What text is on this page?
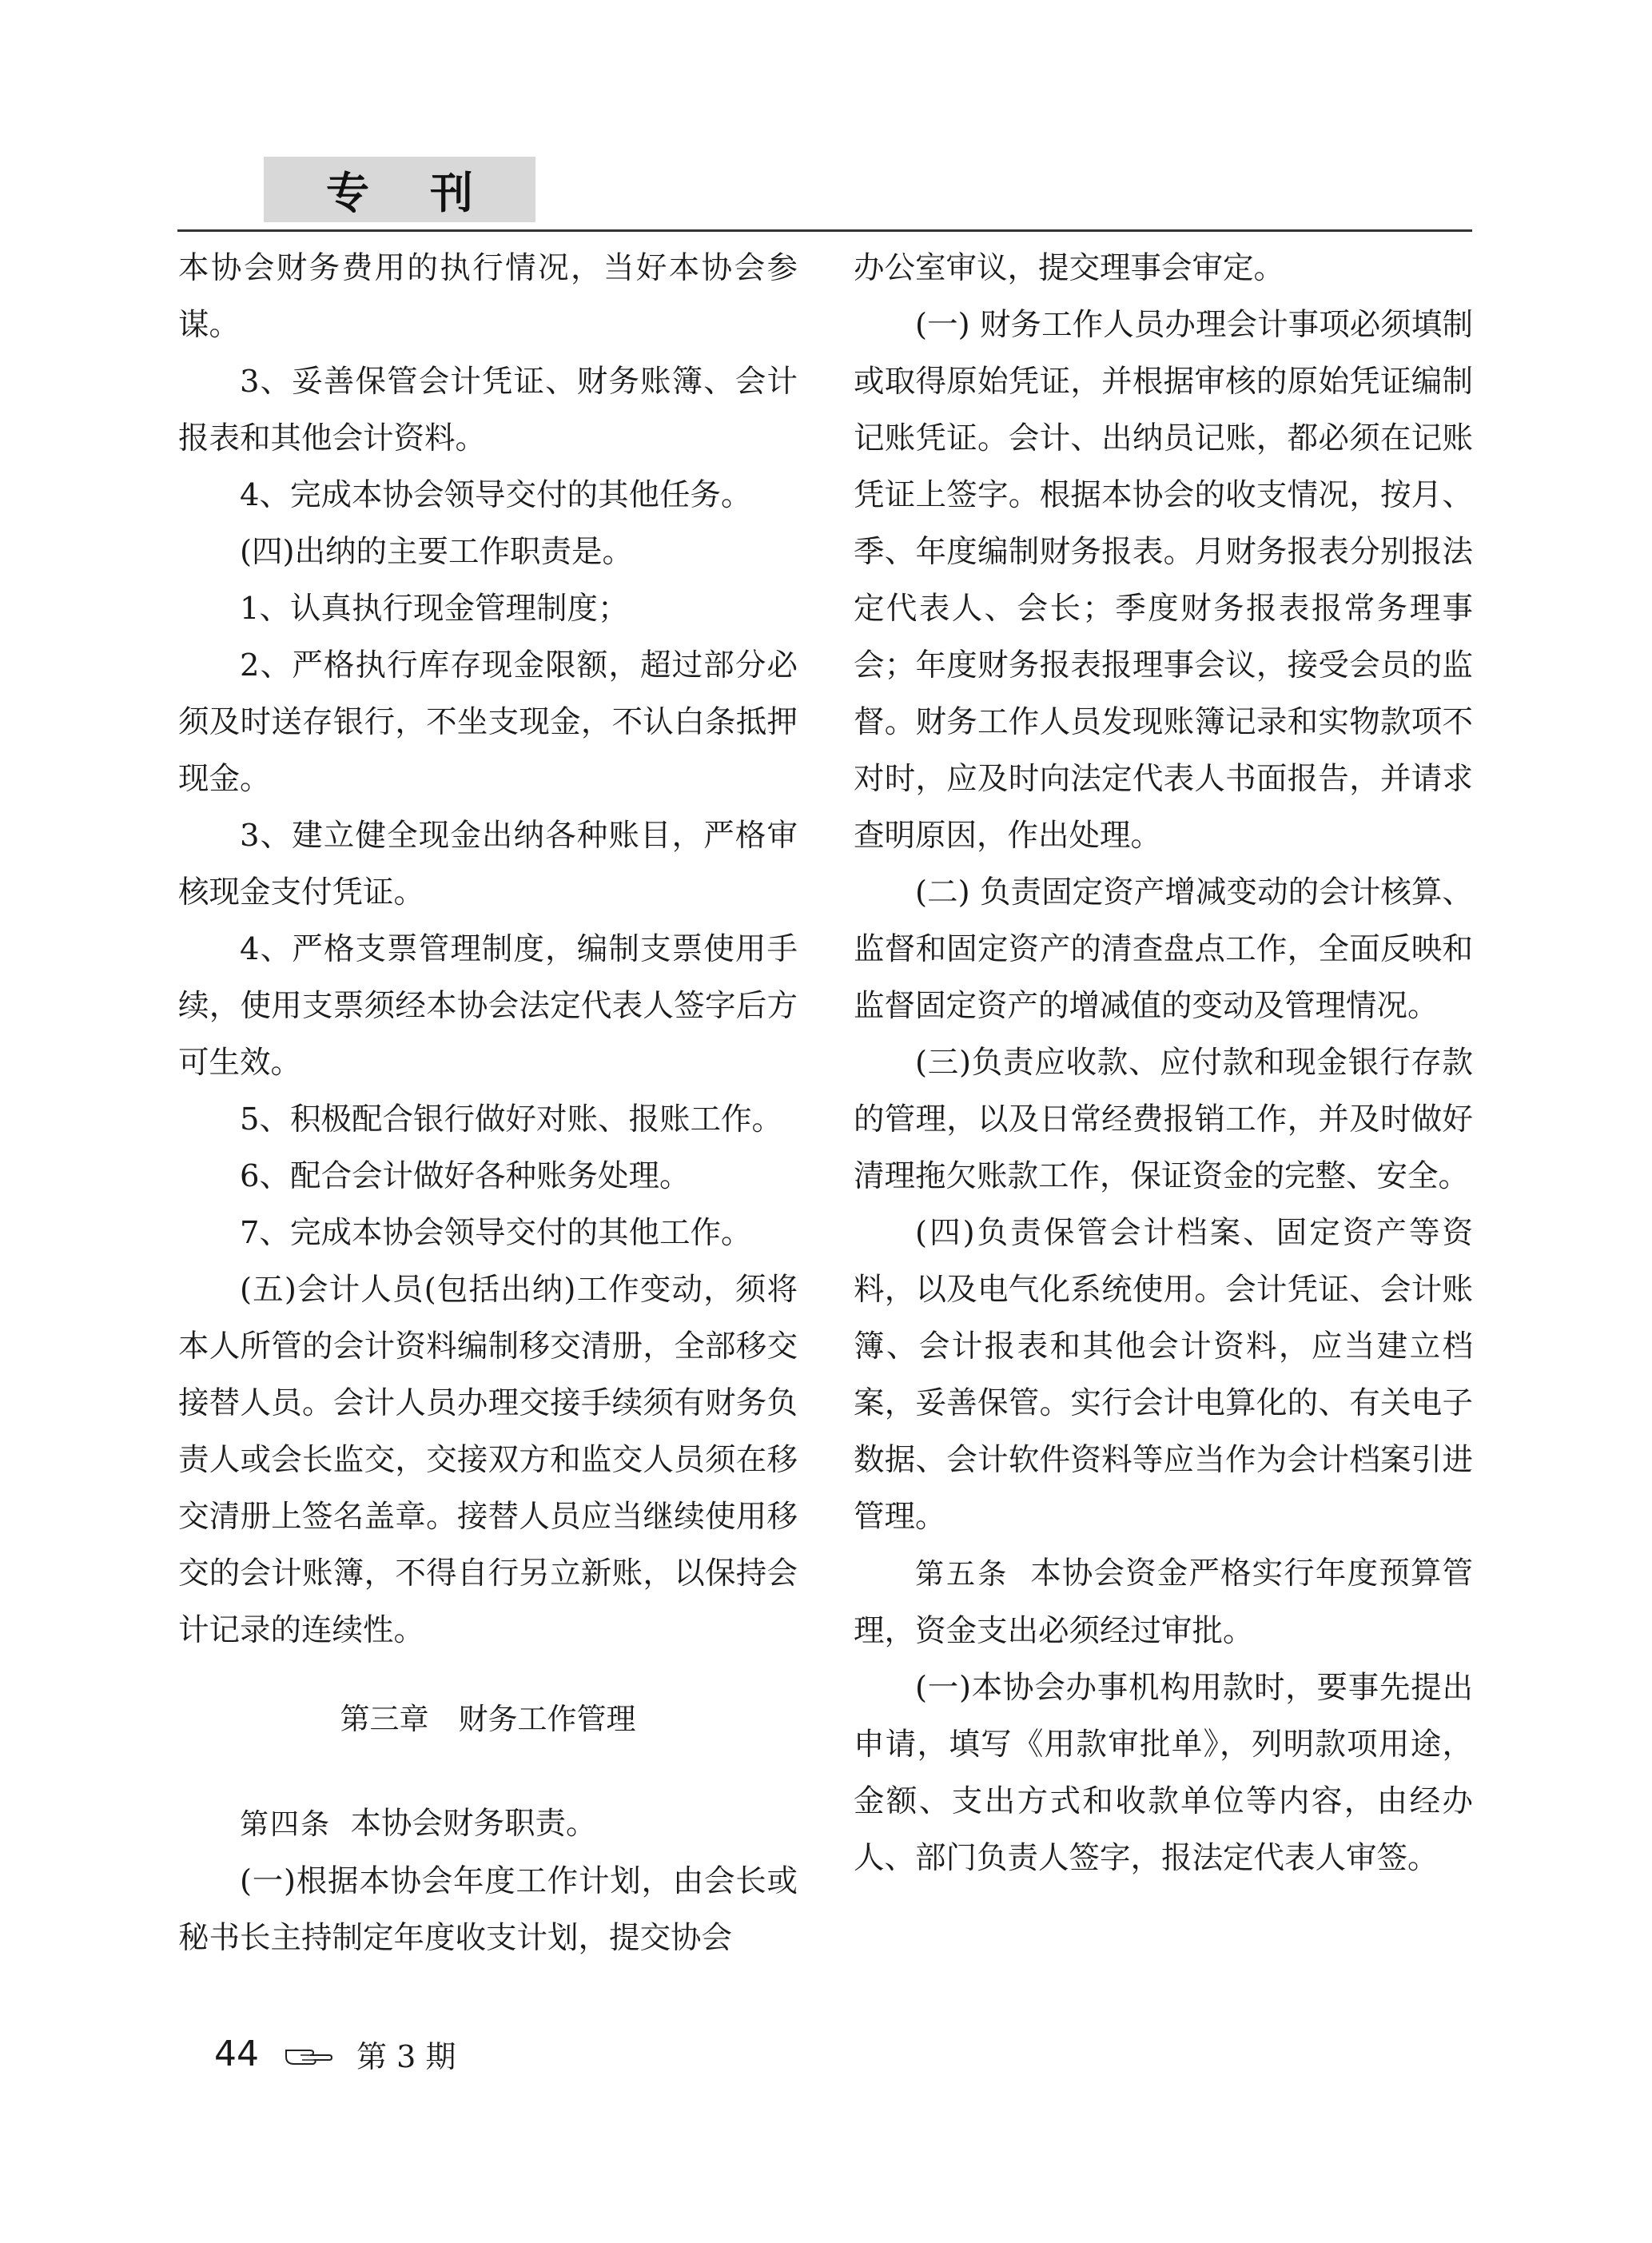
专 刊

本协会财务费用的执行情况，当好本协会参谋。

3、妥善保管会计凭证、财务账簿、会计报表和其他会计资料。

4、完成本协会领导交付的其他任务。

(四)出纳的主要工作职责是。

1、认真执行现金管理制度；

2、严格执行库存现金限额，超过部分必须及时送存银行，不坐支现金，不认白条抵押现金。

3、建立健全现金出纳各种账目，严格审核现金支付凭证。

4、严格支票管理制度，编制支票使用手续，使用支票须经本协会法定代表人签字后方可生效。

5、积极配合银行做好对账、报账工作。

6、配合会计做好各种账务处理。

7、完成本协会领导交付的其他工作。

(五)会计人员(包括出纳)工作变动，须将本人所管的会计资料编制移交清册，全部移交接替人员。会计人员办理交接手续须有财务负责人或会长监交，交接双方和监交人员须在移交清册上签名盖章。接替人员应当继续使用移交的会计账簿，不得自行另立新账，以保持会计记录的连续性。

第三章　财务工作管理

第四条 本协会财务职责。

(一)根据本协会年度工作计划，由会长或秘书长主持制定年度收支计划，提交协会

办公室审议，提交理事会审定。

(一) 财务工作人员办理会计事项必须填制或取得原始凭证，并根据审核的原始凭证编制记账凭证。会计、出纳员记账，都必须在记账凭证上签字。根据本协会的收支情况，按月、季、年度编制财务报表。月财务报表分别报法定代表人、会长；季度财务报表报常务理事会；年度财务报表报理事会议，接受会员的监督。财务工作人员发现账簿记录和实物款项不对时，应及时向法定代表人书面报告，并请求查明原因，作出处理。

(二) 负责固定资产增减变动的会计核算、监督和固定资产的清查盘点工作，全面反映和监督固定资产的增减值的变动及管理情况。

(三)负责应收款、应付款和现金银行存款的管理，以及日常经费报销工作，并及时做好清理拖欠账款工作，保证资金的完整、安全。

(四)负责保管会计档案、固定资产等资料，以及电气化系统使用。会计凭证、会计账簿、会计报表和其他会计资料，应当建立档案，妥善保管。实行会计电算化的、有关电子数据、会计软件资料等应当作为会计档案引进管理。

第五条 本协会资金严格实行年度预算管理，资金支出必须经过审批。

(一)本协会办事机构用款时，要事先提出申请，填写《用款审批单》，列明款项用途，金额、支出方式和收款单位等内容，由经办人、部门负责人签字，报法定代表人审签。

44	第 3 期
